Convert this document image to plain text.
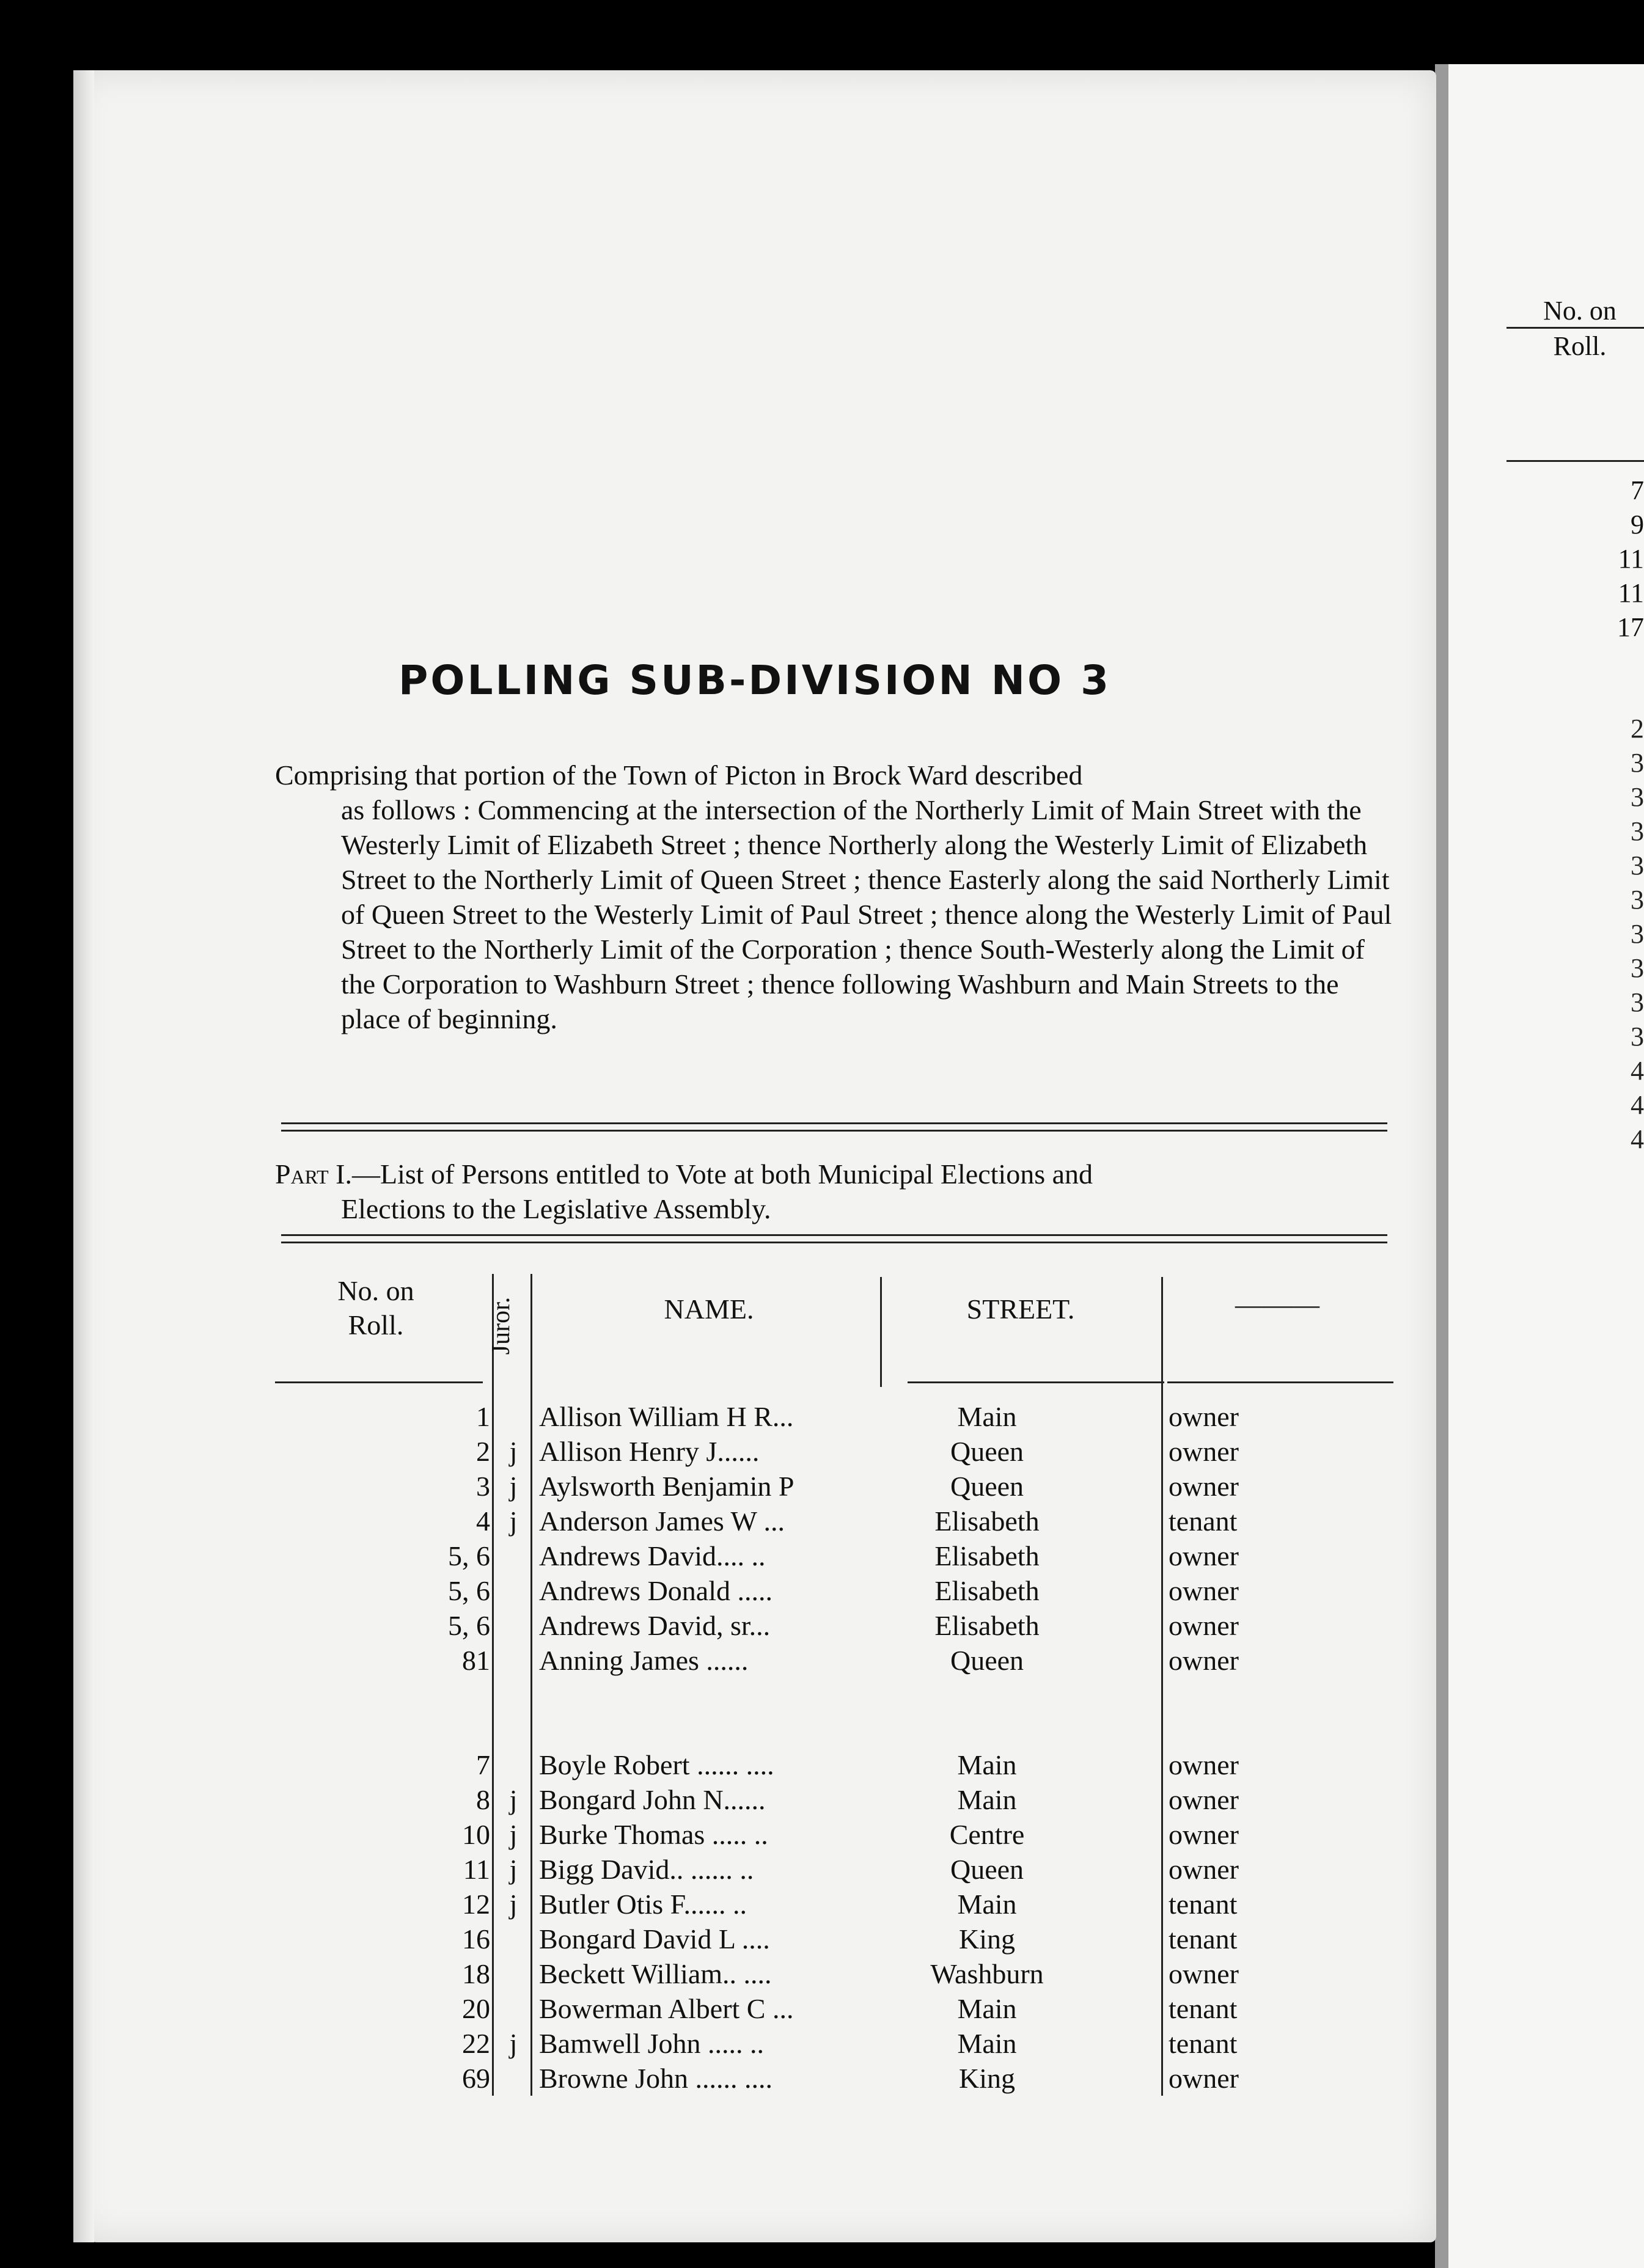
No. on
Roll.
7
9
11
11
17
2
3
3
3
3
3
3
3
3
3
4
4
4
POLLING SUB-DIVISION NO 3
Comprising that portion of the Town of Picton in Brock Ward described
as follows : Commencing at the intersection of the Northerly Limit of Main Street with the Westerly Limit of Elizabeth Street ; thence Northerly along the Westerly Limit of Elizabeth Street to the Northerly Limit of Queen Street ; thence Easterly along the said Northerly Limit of Queen Street to the Westerly Limit of Paul Street ; thence along the Westerly Limit of Paul Street to the Northerly Limit of the Corporation ; thence South-Westerly along the Limit of the Corporation to Washburn Street ; thence following Washburn and Main Streets to the place of beginning.
Part I.—List of Persons entitled to Vote at both Municipal Elections and
Elections to the Legislative Assembly.
No. on
Roll.	Juror.	NAME.	STREET.	———
1 Allison William H R...	Main	owner
2 j Allison Henry J......	Queen	owner
3 j Aylsworth Benjamin P	Queen	owner
4 j Anderson James W ...	Elisabeth	tenant
5, 6 Andrews David.... ..	Elisabeth	owner
5, 6 Andrews Donald .....	Elisabeth	owner
5, 6 Andrews David, sr...	Elisabeth	owner
81 Anning James ......	Queen	owner
7 Boyle Robert ...... ....	Main	owner
8 j Bongard John N......	Main	owner
10 j Burke Thomas ..... ..	Centre	owner
11 j Bigg David.. ...... ..	Queen	owner
12 j Butler Otis F...... ..	Main	tenant
16 Bongard David L ....	King	tenant
18 Beckett William.. ....	Washburn	owner
20 Bowerman Albert C ...	Main	tenant
22 j Bamwell John ..... ..	Main	tenant
69 Browne John ...... ....	King	owner
